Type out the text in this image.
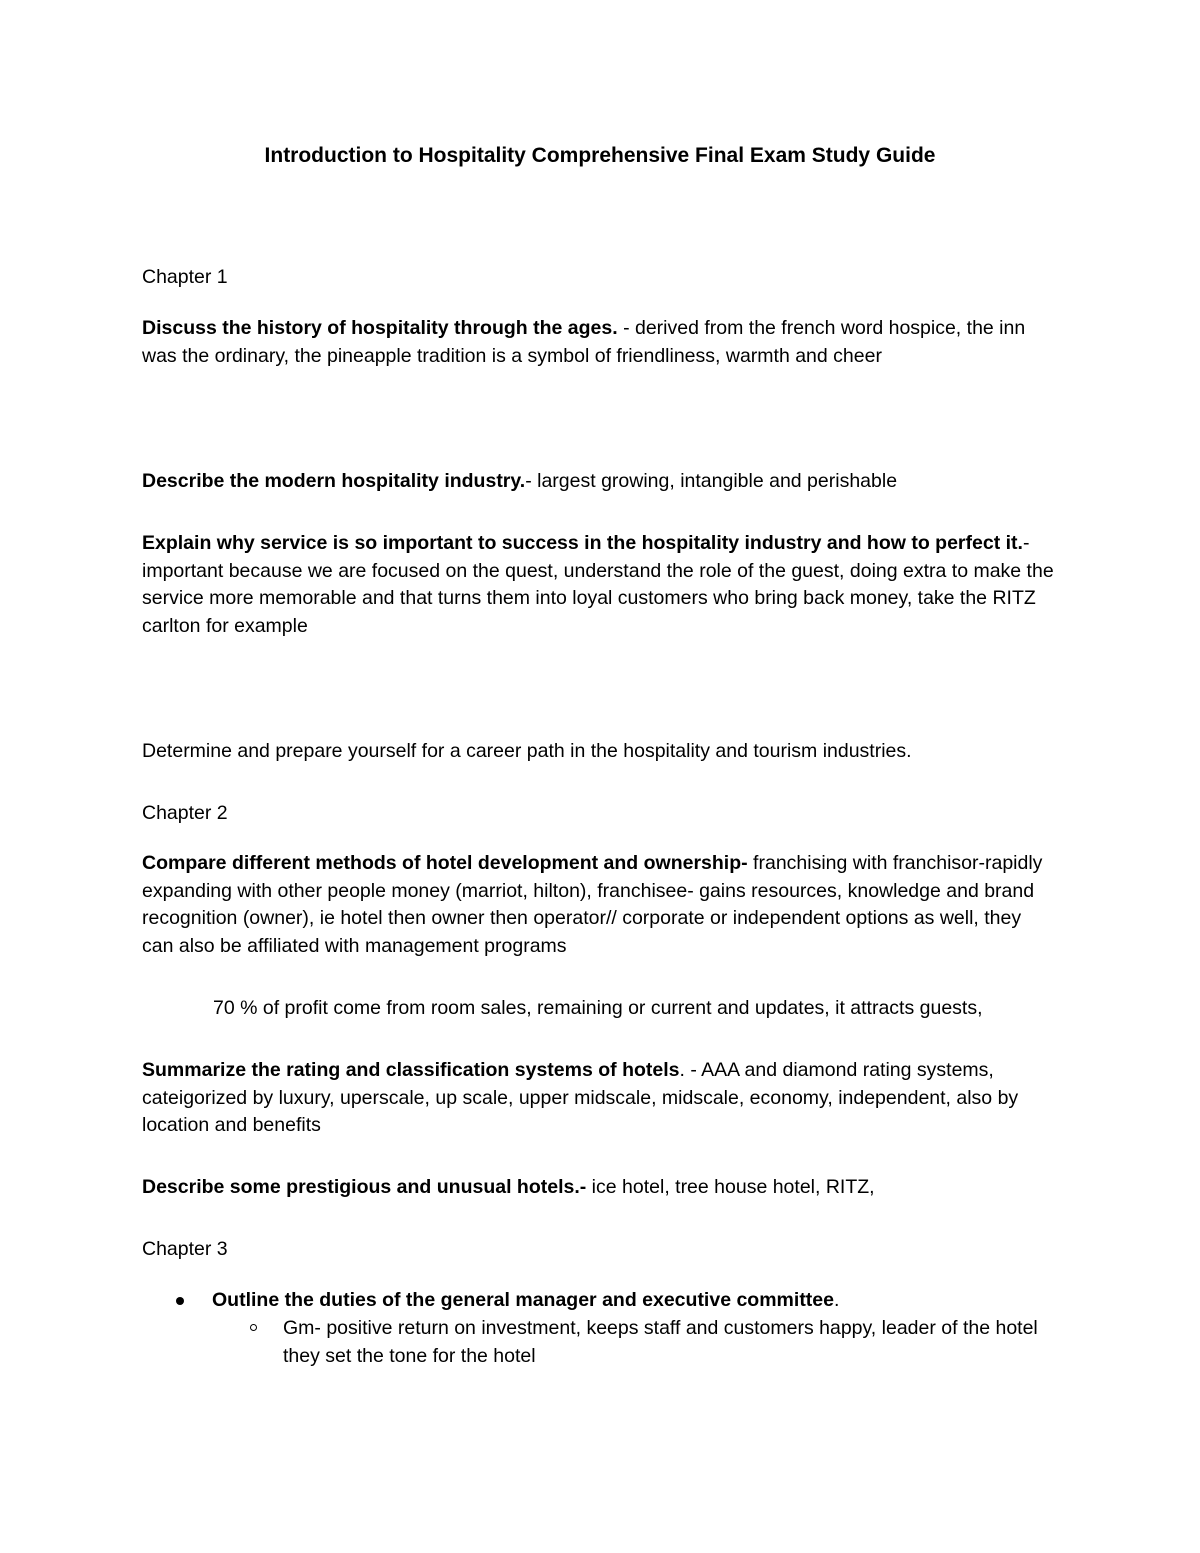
Introduction to Hospitality Comprehensive Final Exam Study Guide

Chapter 1

Discuss the history of hospitality through the ages. - derived from the french word hospice, the inn was the ordinary, the pineapple tradition is a symbol of friendliness, warmth and cheer

Describe the modern hospitality industry.- largest growing, intangible and perishable

Explain why service is so important to success in the hospitality industry and how to perfect it.- important because we are focused on the quest, understand the role of the guest, doing extra to make the service more memorable and that turns them into loyal customers who bring back money, take the RITZ carlton for example

Determine and prepare yourself for a career path in the hospitality and tourism industries.

Chapter 2

Compare different methods of hotel development and ownership- franchising with franchisor-rapidly expanding with other people money (marriot, hilton), franchisee- gains resources, knowledge and brand recognition (owner), ie hotel then owner then operator// corporate or independent options as well, they can also be affiliated with management programs

70 % of profit come from room sales, remaining or current and updates, it attracts guests,

Summarize the rating and classification systems of hotels. - AAA and diamond rating systems, cateigorized by luxury, uperscale, up scale, upper midscale, midscale, economy, independent, also by location and benefits

Describe some prestigious and unusual hotels.- ice hotel, tree house hotel, RITZ,

Chapter 3

Outline the duties of the general manager and executive committee.

Gm- positive return on investment, keeps staff and customers happy, leader of the hotel they set the tone for the hotel
